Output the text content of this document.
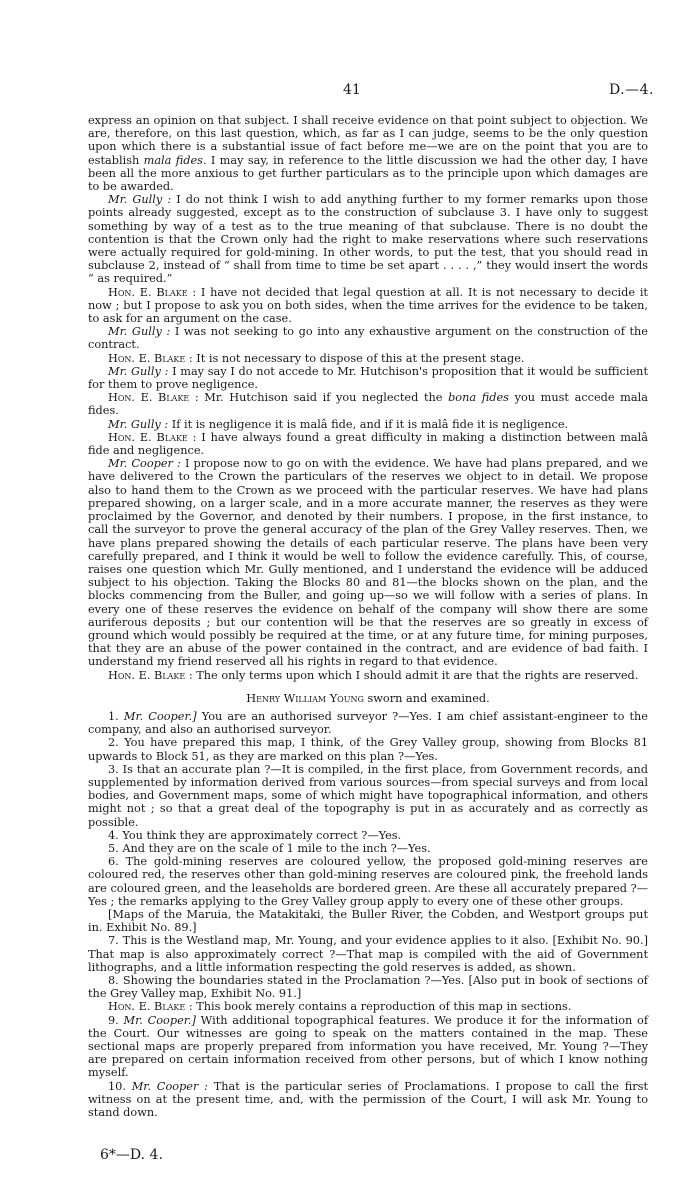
41	D.—4.

express an opinion on that subject. I shall receive evidence on that point subject to objection. We are, therefore, on this last question, which, as far as I can judge, seems to be the only question upon which there is a substantial issue of fact before me—we are on the point that you are to establish mala fides. I may say, in reference to the little discussion we had the other day, I have been all the more anxious to get further particulars as to the principle upon which damages are to be awarded.

Mr. Gully : I do not think I wish to add anything further to my former remarks upon those points already suggested, except as to the construction of subclause 3. I have only to suggest something by way of a test as to the true meaning of that subclause. There is no doubt the contention is that the Crown only had the right to make reservations where such reservations were actually required for gold-mining. In other words, to put the test, that you should read in subclause 2, instead of “ shall from time to time be set apart . . . . ,” they would insert the words “ as required.”

Hon. E. Blake : I have not decided that legal question at all. It is not necessary to decide it now ; but I propose to ask you on both sides, when the time arrives for the evidence to be taken, to ask for an argument on the case.

Mr. Gully : I was not seeking to go into any exhaustive argument on the construction of the contract.

Hon. E. Blake : It is not necessary to dispose of this at the present stage.

Mr. Gully : I may say I do not accede to Mr. Hutchison's proposition that it would be sufficient for them to prove negligence.

Hon. E. Blake : Mr. Hutchison said if you neglected the bona fides you must accede mala fides.

Mr. Gully : If it is negligence it is malâ fide, and if it is malâ fide it is negligence.

Hon. E. Blake : I have always found a great difficulty in making a distinction between malâ fide and negligence.

Mr. Cooper : I propose now to go on with the evidence. We have had plans prepared, and we have delivered to the Crown the particulars of the reserves we object to in detail. We propose also to hand them to the Crown as we proceed with the particular reserves. We have had plans prepared showing, on a larger scale, and in a more accurate manner, the reserves as they were proclaimed by the Governor, and denoted by their numbers. I propose, in the first instance, to call the surveyor to prove the general accuracy of the plan of the Grey Valley reserves. Then, we have plans prepared showing the details of each particular reserve. The plans have been very carefully prepared, and I think it would be well to follow the evidence carefully. This, of course, raises one question which Mr. Gully mentioned, and I understand the evidence will be adduced subject to his objection. Taking the Blocks 80 and 81—the blocks shown on the plan, and the blocks commencing from the Buller, and going up—so we will follow with a series of plans. In every one of these reserves the evidence on behalf of the company will show there are some auriferous deposits ; but our contention will be that the reserves are so greatly in excess of ground which would possibly be required at the time, or at any future time, for mining purposes, that they are an abuse of the power contained in the contract, and are evidence of bad faith. I understand my friend reserved all his rights in regard to that evidence.

Hon. E. Blake : The only terms upon which I should admit it are that the rights are reserved.

Henry William Young sworn and examined.

1. Mr. Cooper.] You are an authorised surveyor ?—Yes. I am chief assistant-engineer to the company, and also an authorised surveyor.

2. You have prepared this map, I think, of the Grey Valley group, showing from Blocks 81 upwards to Block 51, as they are marked on this plan ?—Yes.

3. Is that an accurate plan ?—It is compiled, in the first place, from Government records, and supplemented by information derived from various sources—from special surveys and from local bodies, and Government maps, some of which might have topographical information, and others might not ; so that a great deal of the topography is put in as accurately and as correctly as possible.

4. You think they are approximately correct ?—Yes.

5. And they are on the scale of 1 mile to the inch ?—Yes.

6. The gold-mining reserves are coloured yellow, the proposed gold-mining reserves are coloured red, the reserves other than gold-mining reserves are coloured pink, the freehold lands are coloured green, and the leaseholds are bordered green. Are these all accurately prepared ?—Yes ; the remarks applying to the Grey Valley group apply to every one of these other groups.

[Maps of the Maruia, the Matakitaki, the Buller River, the Cobden, and Westport groups put in. Exhibit No. 89.]

7. This is the Westland map, Mr. Young, and your evidence applies to it also. [Exhibit No. 90.] That map is also approximately correct ?—That map is compiled with the aid of Government lithographs, and a little information respecting the gold reserves is added, as shown.

8. Showing the boundaries stated in the Proclamation ?—Yes. [Also put in book of sections of the Grey Valley map, Exhibit No. 91.]

Hon. E. Blake : This book merely contains a reproduction of this map in sections.

9. Mr. Cooper.] With additional topographical features. We produce it for the information of the Court. Our witnesses are going to speak on the matters contained in the map. These sectional maps are properly prepared from information you have received, Mr. Young ?—They are prepared on certain information received from other persons, but of which I know nothing myself.

10. Mr. Cooper : That is the particular series of Proclamations. I propose to call the first witness on at the present time, and, with the permission of the Court, I will ask Mr. Young to stand down.

6*—D. 4.
